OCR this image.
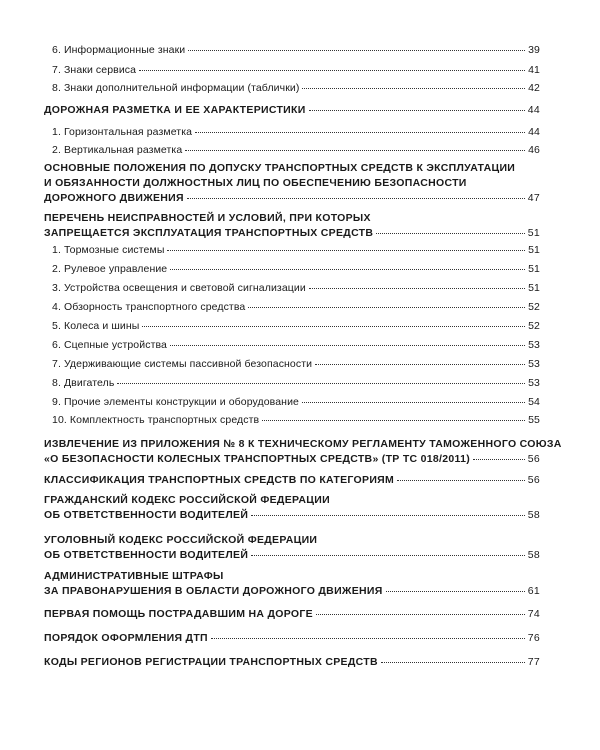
6. Информационные знаки	39
7. Знаки сервиса	41
8. Знаки дополнительной информации (таблички)	42
ДОРОЖНАЯ РАЗМЕТКА И ЕЕ ХАРАКТЕРИСТИКИ	44
1. Горизонтальная разметка	44
2. Вертикальная разметка	46
ОСНОВНЫЕ ПОЛОЖЕНИЯ ПО ДОПУСКУ ТРАНСПОРТНЫХ СРЕДСТВ К ЭКСПЛУАТАЦИИ
И ОБЯЗАННОСТИ ДОЛЖНОСТНЫХ ЛИЦ ПО ОБЕСПЕЧЕНИЮ БЕЗОПАСНОСТИ
ДОРОЖНОГО ДВИЖЕНИЯ	47
ПЕРЕЧЕНЬ НЕИСПРАВНОСТЕЙ И УСЛОВИЙ, ПРИ КОТОРЫХ
ЗАПРЕЩАЕТСЯ ЭКСПЛУАТАЦИЯ ТРАНСПОРТНЫХ СРЕДСТВ	51
1. Тормозные системы	51
2. Рулевое управление	51
3. Устройства освещения и световой сигнализации	51
4. Обзорность транспортного средства	52
5. Колеса и шины	52
6. Сцепные устройства	53
7. Удерживающие системы пассивной безопасности	53
8. Двигатель	53
9. Прочие элементы конструкции и оборудование	54
10. Комплектность транспортных средств	55
ИЗВЛЕЧЕНИЕ ИЗ ПРИЛОЖЕНИЯ № 8 К ТЕХНИЧЕСКОМУ РЕГЛАМЕНТУ ТАМОЖЕННОГО СОЮЗА
«О БЕЗОПАСНОСТИ КОЛЕСНЫХ ТРАНСПОРТНЫХ СРЕДСТВ» (ТР ТС 018/2011)	56
КЛАССИФИКАЦИЯ ТРАНСПОРТНЫХ СРЕДСТВ ПО КАТЕГОРИЯМ	56
ГРАЖДАНСКИЙ КОДЕКС РОССИЙСКОЙ ФЕДЕРАЦИИ
ОБ ОТВЕТСТВЕННОСТИ ВОДИТЕЛЕЙ	58
УГОЛОВНЫЙ КОДЕКС РОССИЙСКОЙ ФЕДЕРАЦИИ
ОБ ОТВЕТСТВЕННОСТИ ВОДИТЕЛЕЙ	58
АДМИНИСТРАТИВНЫЕ ШТРАФЫ
ЗА ПРАВОНАРУШЕНИЯ В ОБЛАСТИ ДОРОЖНОГО ДВИЖЕНИЯ	61
ПЕРВАЯ ПОМОЩЬ ПОСТРАДАВШИМ НА ДОРОГЕ	74
ПОРЯДОК ОФОРМЛЕНИЯ ДТП	76
КОДЫ РЕГИОНОВ РЕГИСТРАЦИИ ТРАНСПОРТНЫХ СРЕДСТВ	77
